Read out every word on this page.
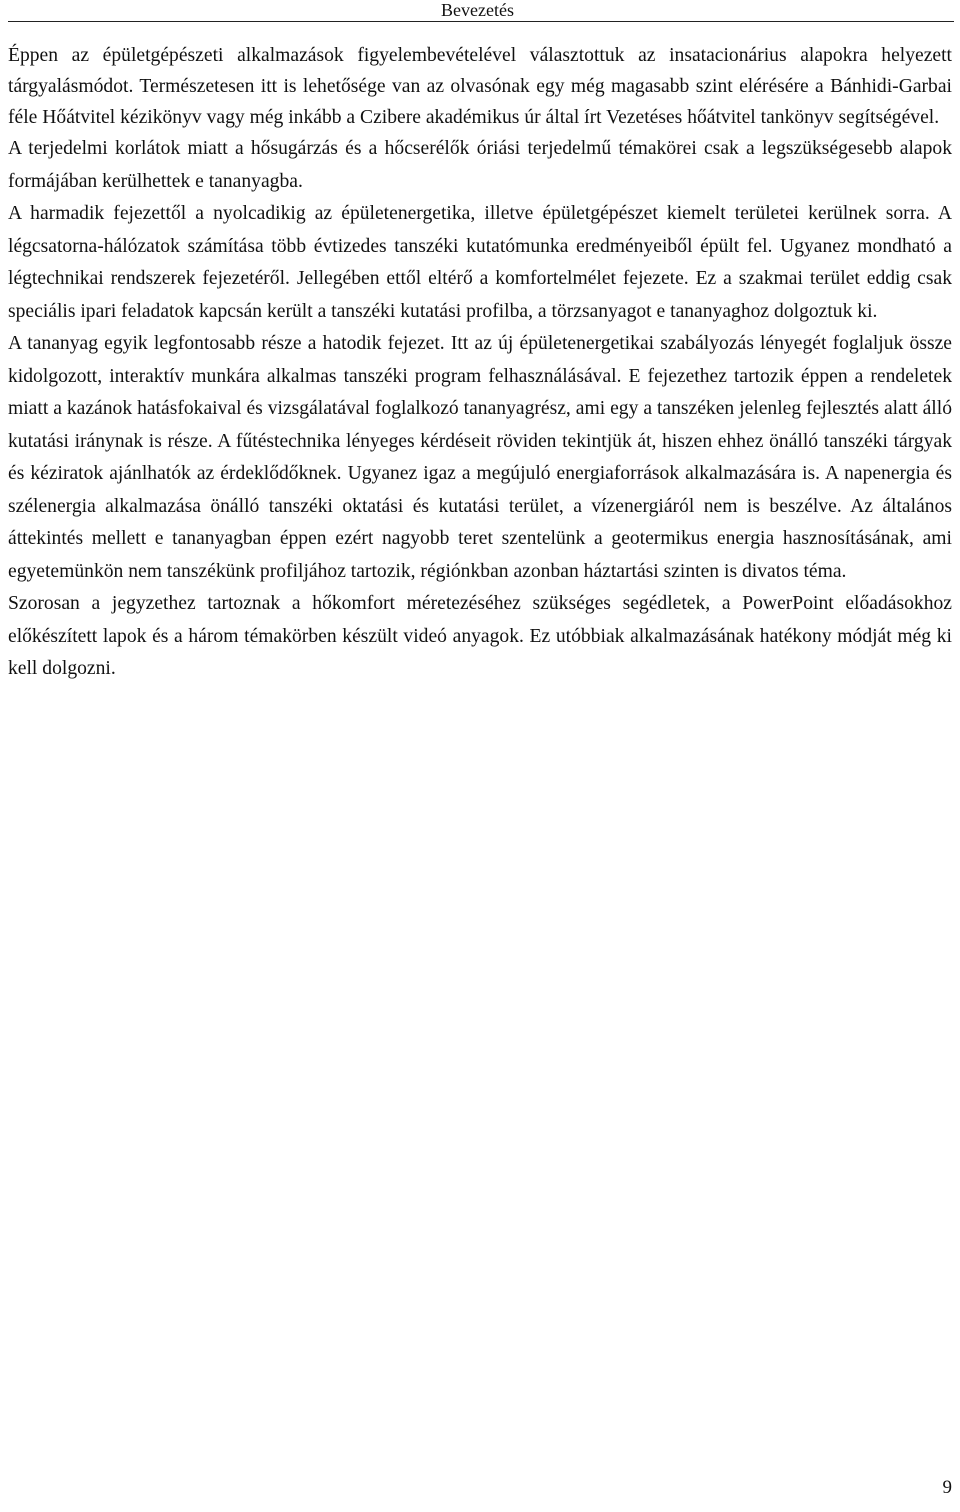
Bevezetés

Éppen az épületgépészeti alkalmazások figyelembevételével választottuk az insatacionárius alapokra helyezett tárgyalásmódot. Természetesen itt is lehetősége van az olvasónak egy még magasabb szint elérésére a Bánhidi-Garbai féle Hőátvitel kézikönyv vagy még inkább a Czibere akadémikus úr által írt Vezetéses hőátvitel tankönyv segítségével.

A terjedelmi korlátok miatt a hősugárzás és a hőcserélők óriási terjedelmű témakörei csak a legszükségesebb alapok formájában kerülhettek e tananyagba.

A harmadik fejezettől a nyolcadikig az épületenergetika, illetve épületgépészet kiemelt területei kerülnek sorra. A légcsatorna-hálózatok számítása több évtizedes tanszéki kutatómunka eredményeiből épült fel. Ugyanez mondható a légtechnikai rendszerek fejezetéről. Jellegében ettől eltérő a komfortelmélet fejezete. Ez a szakmai terület eddig csak speciális ipari feladatok kapcsán került a tanszéki kutatási profilba, a törzsanyagot e tananyaghoz dolgoztuk ki.

A tananyag egyik legfontosabb része a hatodik fejezet. Itt az új épületenergetikai szabályozás lényegét foglaljuk össze kidolgozott, interaktív munkára alkalmas tanszéki program felhasználásával. E fejezethez tartozik éppen a rendeletek miatt a kazánok hatásfokaival és vizsgálatával foglalkozó tananyagrész, ami egy a tanszéken jelenleg fejlesztés alatt álló kutatási iránynak is része. A fűtéstechnika lényeges kérdéseit röviden tekintjük át, hiszen ehhez önálló tanszéki tárgyak és kéziratok ajánlhatók az érdeklődőknek. Ugyanez igaz a megújuló energiaforrások alkalmazására is. A napenergia és szélenergia alkalmazása önálló tanszéki oktatási és kutatási terület, a vízenergiáról nem is beszélve. Az általános áttekintés mellett e tananyagban éppen ezért nagyobb teret szentelünk a geotermikus energia hasznosításának, ami egyetemünkön nem tanszékünk profiljához tartozik, régiónkban azonban háztartási szinten is divatos téma.

Szorosan a jegyzethez tartoznak a hőkomfort méretezéséhez szükséges segédletek, a PowerPoint előadásokhoz előkészített lapok és a három témakörben készült videó anyagok. Ez utóbbiak alkalmazásának hatékony módját még ki kell dolgozni.

9
